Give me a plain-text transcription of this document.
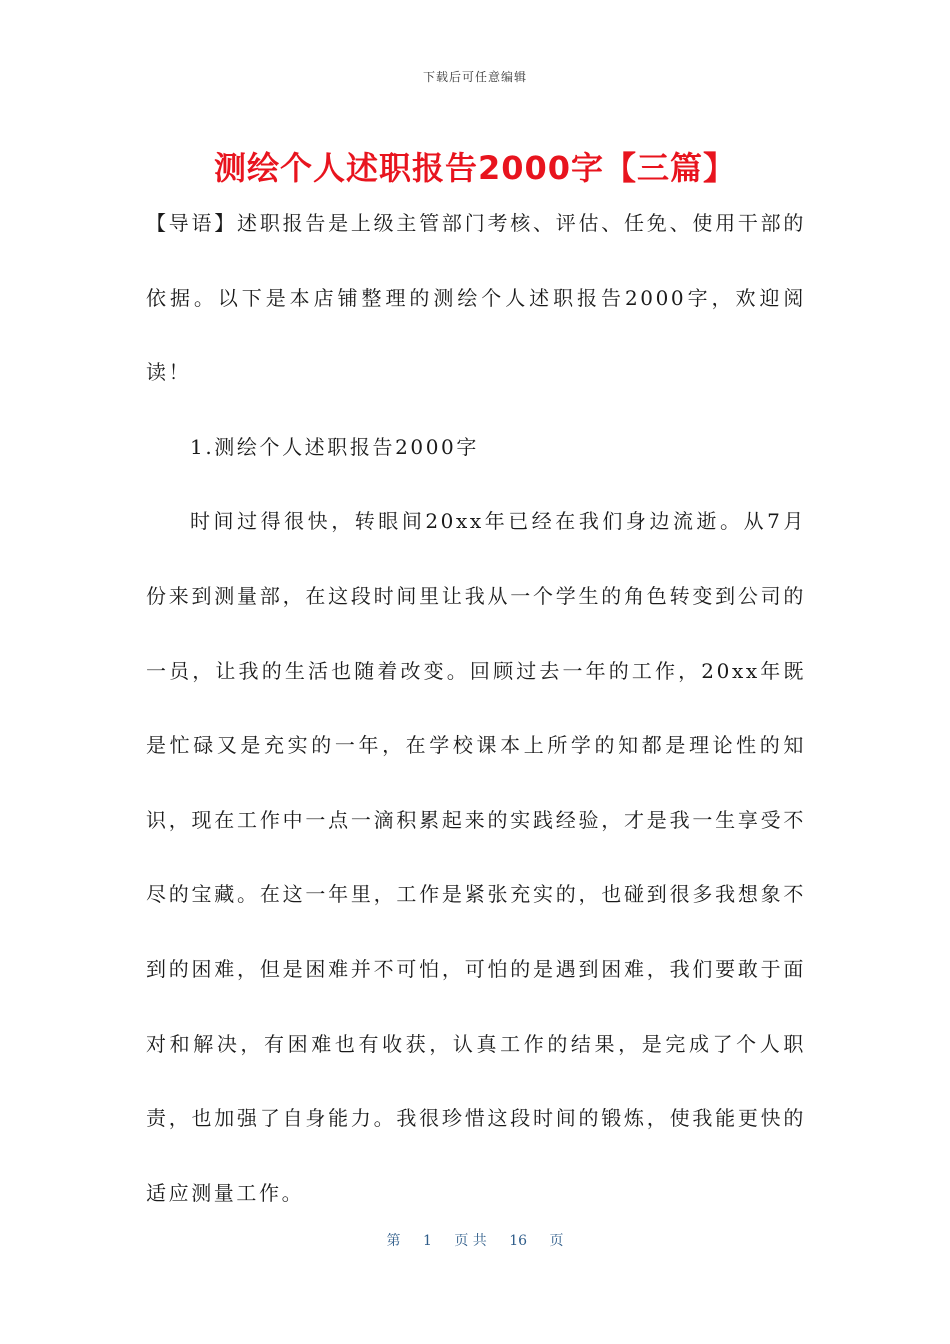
下载后可任意编辑
测绘个人述职报告2000字【三篇】

【导语】述职报告是上级主管部门考核、评估、任免、使用干部的依据。以下是本店铺整理的测绘个人述职报告2000字，欢迎阅读！

1.测绘个人述职报告2000字

时间过得很快，转眼间20xx年已经在我们身边流逝。从7月份来到测量部，在这段时间里让我从一个学生的角色转变到公司的一员，让我的生活也随着改变。回顾过去一年的工作，20xx年既是忙碌又是充实的一年，在学校课本上所学的知都是理论性的知识，现在工作中一点一滴积累起来的实践经验，才是我一生享受不尽的宝藏。在这一年里，工作是紧张充实的，也碰到很多我想象不到的困难，但是困难并不可怕，可怕的是遇到困难，我们要敢于面对和解决，有困难也有收获，认真工作的结果，是完成了个人职责，也加强了自身能力。我很珍惜这段时间的锻炼，使我能更快的适应测量工作。

第 1 页 共 16 页
